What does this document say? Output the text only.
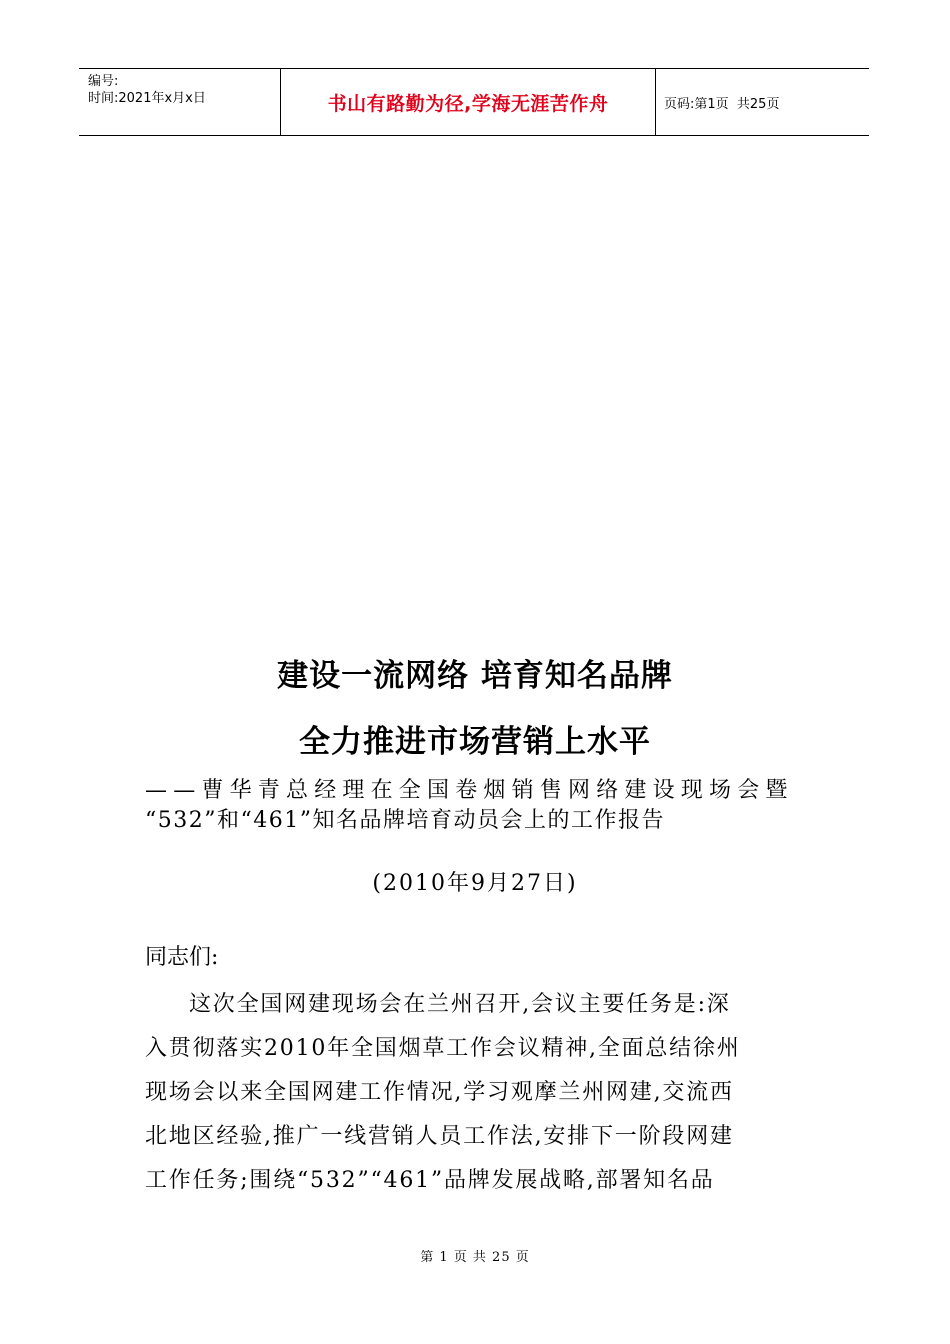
编号:
时间:2021年x月x日	书山有路勤为径,学海无涯苦作舟	页码:第1页  共25页
建设一流网络 培育知名品牌
全力推进市场营销上水平
——曹华青总经理在全国卷烟销售网络建设现场会暨
“532”和“461”知名品牌培育动员会上的工作报告
(2010年9月27日)
同志们:
这次全国网建现场会在兰州召开,会议主要任务是:深
入贯彻落实2010年全国烟草工作会议精神,全面总结徐州
现场会以来全国网建工作情况,学习观摩兰州网建,交流西
北地区经验,推广一线营销人员工作法,安排下一阶段网建
工作任务;围绕“532”“461”品牌发展战略,部署知名品
第 1 页 共 25 页
